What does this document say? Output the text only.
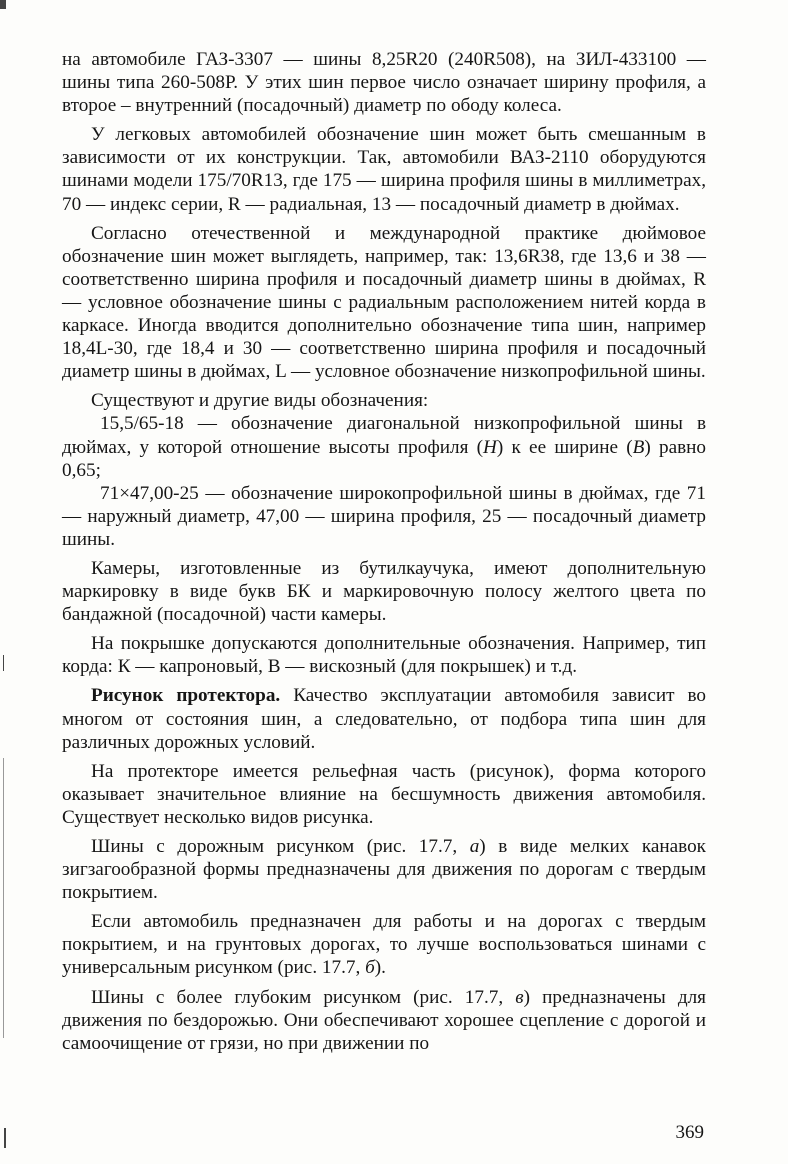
на автомобиле ГАЗ-3307 — шины 8,25R20 (240R508), на ЗИЛ-433100 — шины типа 260-508Р. У этих шин первое число означает ширину профиля, а второе – внутренний (посадочный) диаметр по ободу колеса.

У легковых автомобилей обозначение шин может быть смешанным в зависимости от их конструкции. Так, автомобили ВАЗ-2110 оборудуются шинами модели 175/70R13, где 175 — ширина профиля шины в миллиметрах, 70 — индекс серии, R — радиальная, 13 — посадочный диаметр в дюймах.

Согласно отечественной и международной практике дюймовое обозначение шин может выглядеть, например, так: 13,6R38, где 13,6 и 38 — соответственно ширина профиля и посадочный диаметр шины в дюймах, R — условное обозначение шины с радиальным расположением нитей корда в каркасе. Иногда вводится дополнительно обозначение типа шин, например 18,4L-30, где 18,4 и 30 — соответственно ширина профиля и посадочный диаметр шины в дюймах, L — условное обозначение низкопрофильной шины.

Существуют и другие виды обозначения:

15,5/65-18 — обозначение диагональной низкопрофильной шины в дюймах, у которой отношение высоты профиля (H) к ее ширине (B) равно 0,65;

71×47,00-25 — обозначение широкопрофильной шины в дюймах, где 71 — наружный диаметр, 47,00 — ширина профиля, 25 — посадочный диаметр шины.

Камеры, изготовленные из бутилкаучука, имеют дополнительную маркировку в виде букв БК и маркировочную полосу желтого цвета по бандажной (посадочной) части камеры.

На покрышке допускаются дополнительные обозначения. Например, тип корда: К — капроновый, В — вискозный (для покрышек) и т.д.

Рисунок протектора. Качество эксплуатации автомобиля зависит во многом от состояния шин, а следовательно, от подбора типа шин для различных дорожных условий.

На протекторе имеется рельефная часть (рисунок), форма которого оказывает значительное влияние на бесшумность движения автомобиля. Существует несколько видов рисунка.

Шины с дорожным рисунком (рис. 17.7, а) в виде мелких канавок зигзагообразной формы предназначены для движения по дорогам с твердым покрытием.

Если автомобиль предназначен для работы и на дорогах с твердым покрытием, и на грунтовых дорогах, то лучше воспользоваться шинами с универсальным рисунком (рис. 17.7, б).

Шины с более глубоким рисунком (рис. 17.7, в) предназначены для движения по бездорожью. Они обеспечивают хорошее сцепление с дорогой и самоочищение от грязи, но при движении по

369
